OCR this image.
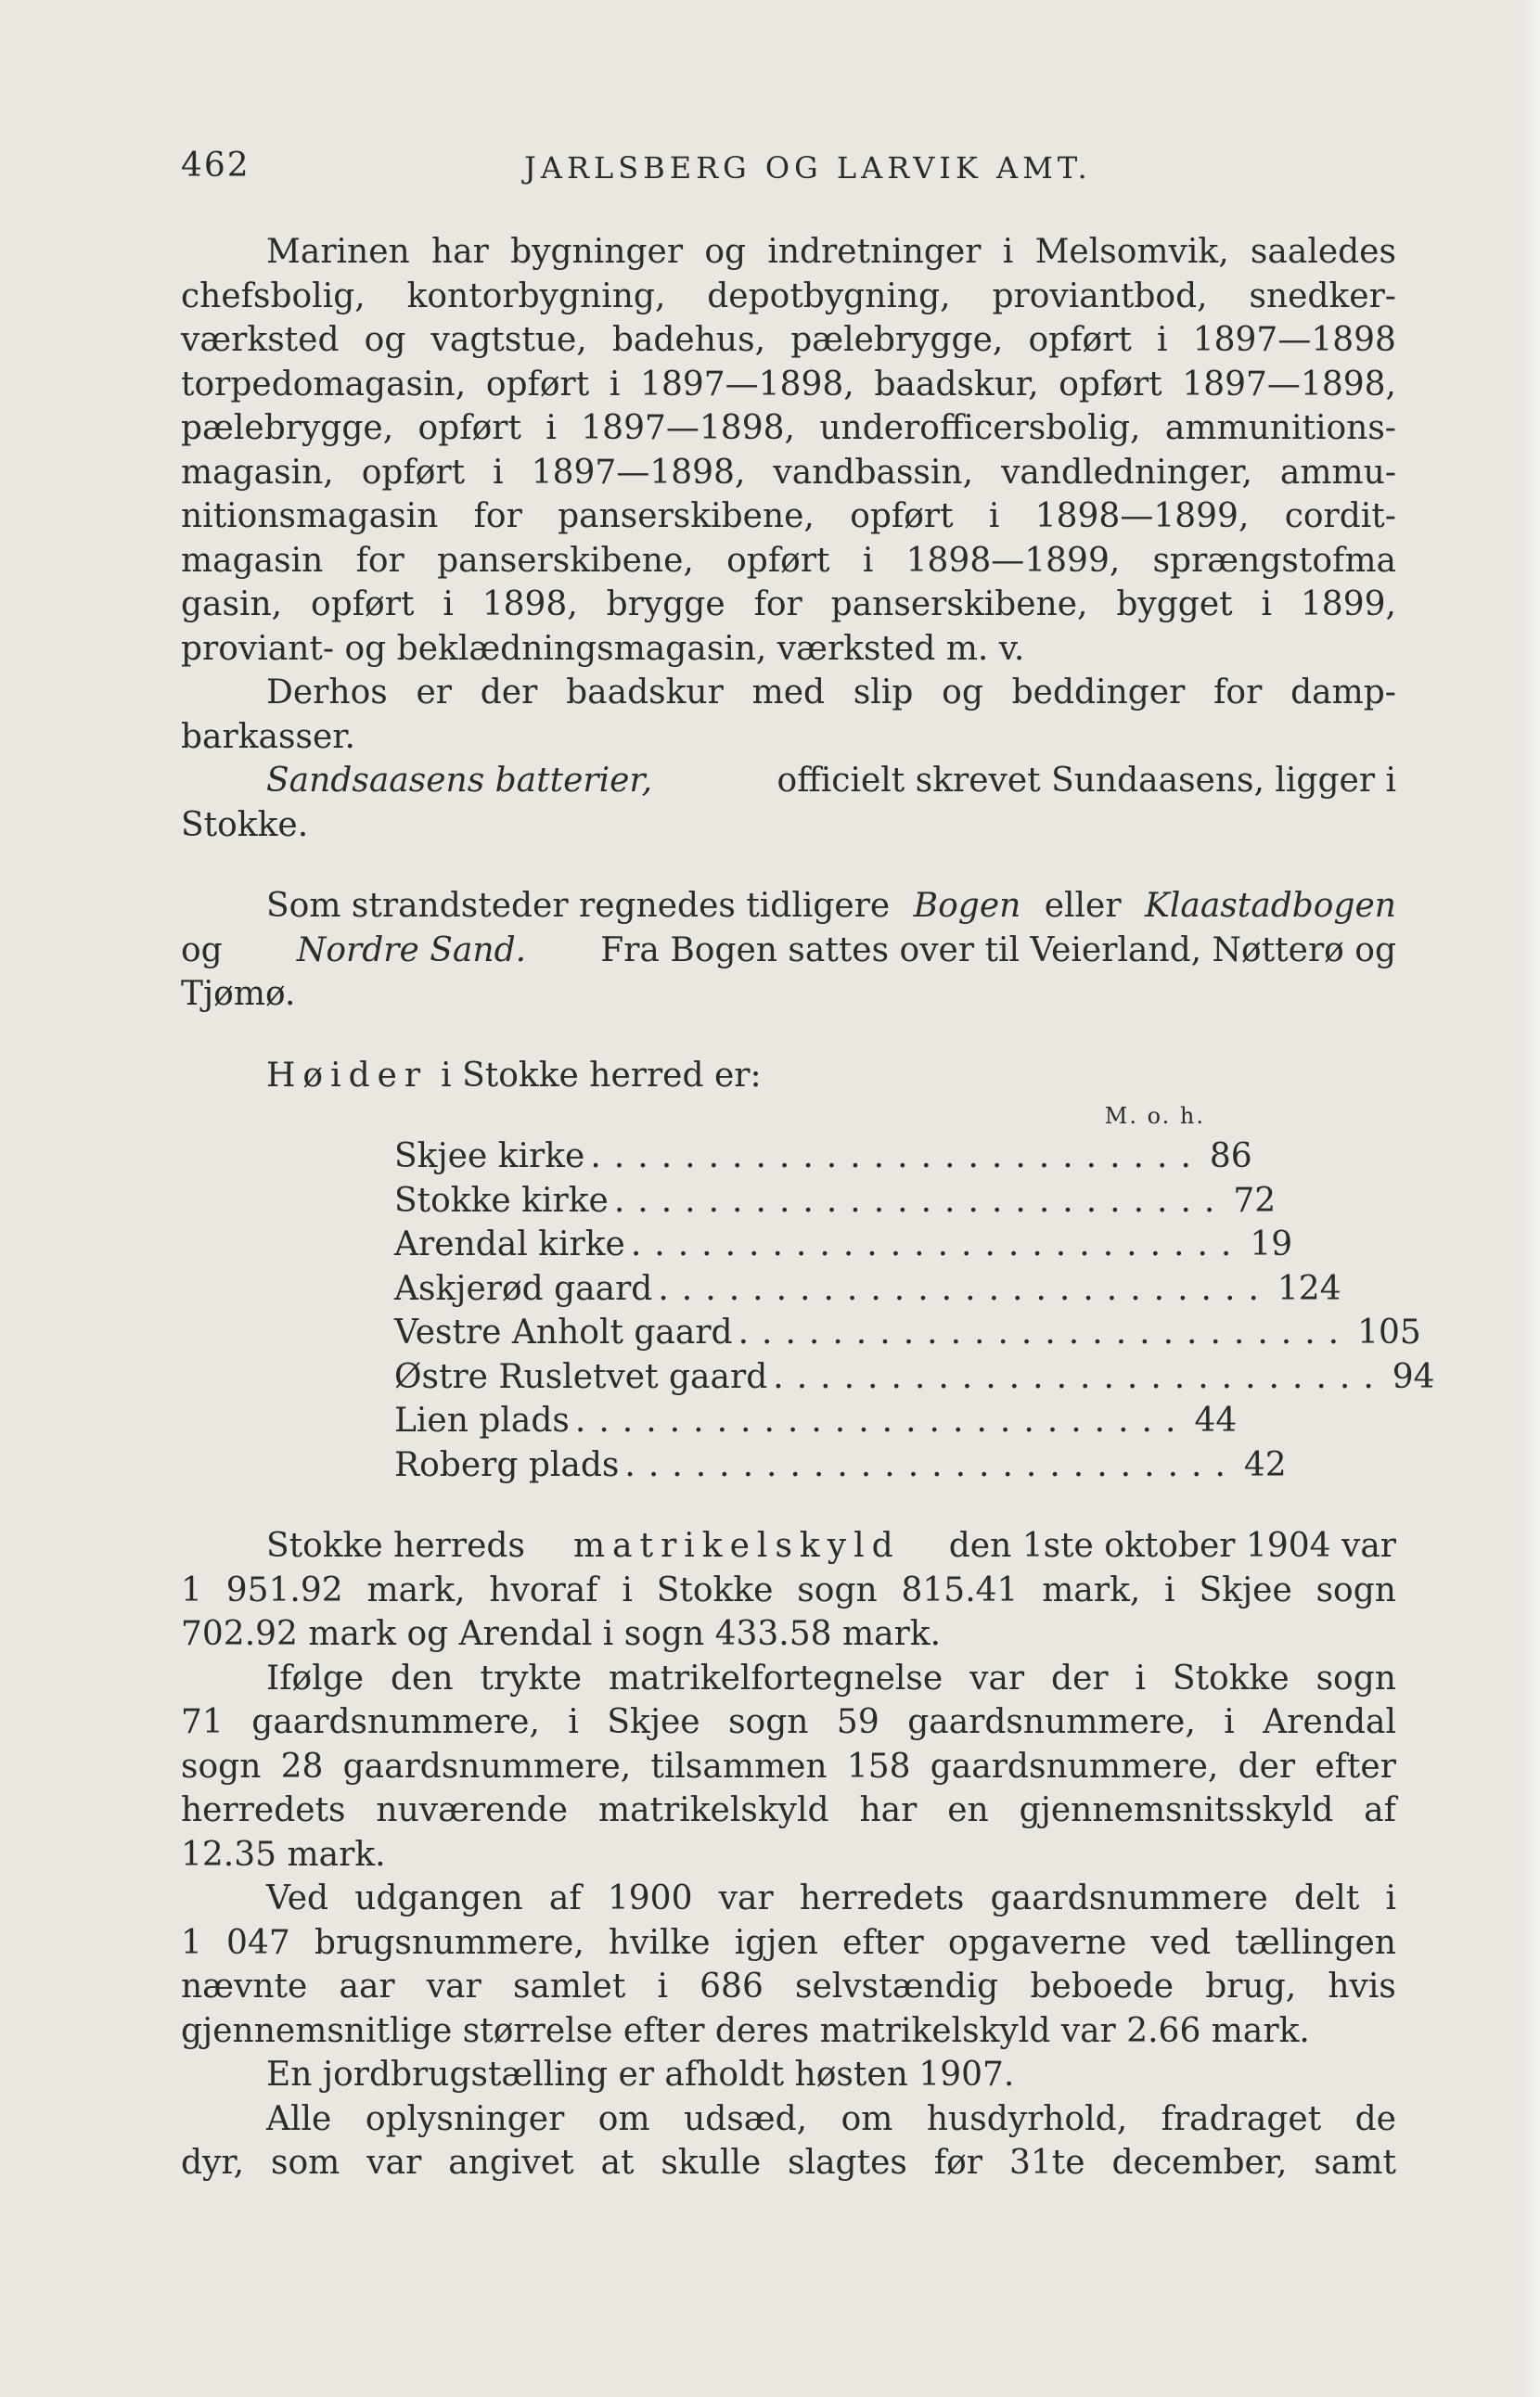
462	JARLSBERG OG LARVIK AMT.
Marinen har bygninger og indretninger i Melsomvik, saaledes
chefsbolig, kontorbygning, depotbygning, proviantbod, snedker-
værksted og vagtstue, badehus, pælebrygge, opført i 1897—1898
torpedomagasin, opført i 1897—1898, baadskur, opført 1897—1898,
pælebrygge, opført i 1897—1898, underofficersbolig, ammunitions-
magasin, opført i 1897—1898, vandbassin, vandledninger, ammu-
nitionsmagasin for panserskibene, opført i 1898—1899, cordit-
magasin for panserskibene, opført i 1898—1899, sprængstofma
gasin, opført i 1898, brygge for panserskibene, bygget i 1899,
proviant- og beklædningsmagasin, værksted m. v.
Derhos er der baadskur med slip og beddinger for damp-
barkasser.
Sandsaasens batterier,	officielt skrevet Sundaasens, ligger i
Stokke.
Som strandsteder regnedes tidligere Bogen eller Klaastadbogen
og Nordre Sand. Fra Bogen sattes over til Veierland, Nøtterø og
Tjømø.
Høider i Stokke herred er:
M. o. h.
Skjee kirke .......................... 86
Stokke kirke .......................... 72
Arendal kirke .......................... 19
Askjerød gaard .......................... 124
Vestre Anholt gaard .......................... 105
Østre Rusletvet gaard .......................... 94
Lien plads .......................... 44
Roberg plads .......................... 42
Stokke herreds matrikelskyld den 1ste oktober 1904 var
1 951.92 mark, hvoraf i Stokke sogn 815.41 mark, i Skjee sogn
702.92 mark og Arendal i sogn 433.58 mark.
Ifølge den trykte matrikelfortegnelse var der i Stokke sogn
71 gaardsnummere, i Skjee sogn 59 gaardsnummere, i Arendal
sogn 28 gaardsnummere, tilsammen 158 gaardsnummere, der efter
herredets nuværende matrikelskyld har en gjennemsnitsskyld af
12.35 mark.
Ved udgangen af 1900 var herredets gaardsnummere delt i
1 047 brugsnummere, hvilke igjen efter opgaverne ved tællingen
nævnte aar var samlet i 686 selvstændig beboede brug, hvis
gjennemsnitlige størrelse efter deres matrikelskyld var 2.66 mark.
En jordbrugstælling er afholdt høsten 1907.
Alle oplysninger om udsæd, om husdyrhold, fradraget de
dyr, som var angivet at skulle slagtes før 31te december, samt
